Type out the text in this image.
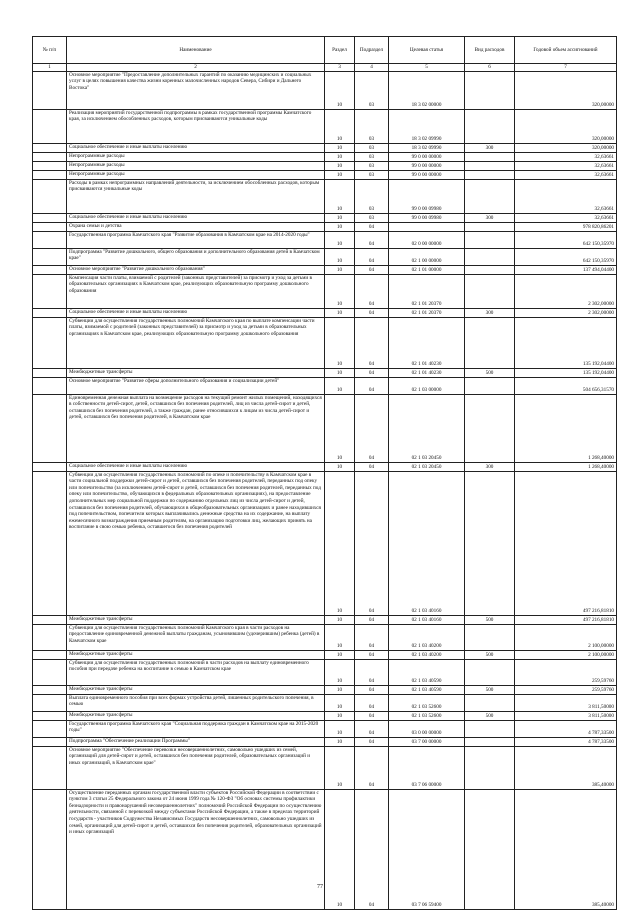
№ п/п	Наименование	Раздел	Подраздел	Целевая статья	Вид расходов	Годовой объем ассигнований
1	2	3	4	5	6	7
	Основное мероприятие "Предоставление дополнительных гарантий по оказанию медицинских и социальных услуг в целях повышения качества жизни коренных малочисленных народов Севера, Сибири и Дальнего Востока"	10	03	18 3 02 00000		320,00000
	Реализация мероприятий государственной подпрограммы в рамках государственной программы Камчатского края, за исключением обособленных расходов, которым присваиваются уникальные коды	10	03	18 3 02 09990		320,00000
	Социальное обеспечение и иные выплаты населению	10	03	18 3 02 09990	300	320,00000
	Непрограммные расходы	10	03	99 0 00 00000		32,63661
	Непрограммные расходы	10	03	99 0 00 00000		32,63661
	Непрограммные расходы	10	03	99 0 00 00000		32,63661
	Расходы в рамках непрограммных направлений деятельности, за исключением обособленных расходов, которым присваиваются уникальные коды	10	03	99 0 00 09980		32,63661
	Социальное обеспечение и иные выплаты населению	10	03	99 0 00 09980	300	32,63661
	Охрана семьи и детства	10	04			978 820,86201
	Государственная программа Камчатского края "Развитие образования в Камчатском крае на 2014-2020 годы"	10	04	02 0 00 00000		642 150,35970
	Подпрограмма "Развитие дошкольного, общего образования и дополнительного образования детей в Камчатском крае"	10	04	02 1 00 00000		642 150,35970
	Основное мероприятие "Развитие дошкольного образования"	10	04	02 1 01 00000		137 494,04400
	Компенсация части платы, взимаемой с родителей (законных представителей) за присмотр и уход за детьми в образовательных организациях в Камчатском крае, реализующих образовательную программу дошкольного образования	10	04	02 1 01 20370		2 302,00000
	Социальное обеспечение и иные выплаты населению	10	04	02 1 01 20370	300	2 302,00000
	Субвенции для осуществления государственных полномочий Камчатского края по выплате компенсации части платы, взимаемой с родителей (законных представителей) за присмотр и уход за детьми в образовательных организациях в Камчатском крае, реализующих образовательную программу дошкольного образования	10	04	02 1 01 40230		135 192,04400
	Межбюджетные трансферты	10	04	02 1 01 40230	500	135 192,04400
	Основное мероприятие "Развитие сферы дополнительного образования и социализации детей"	10	04	02 1 03 00000		504 656,31570
	Единовременная денежная выплата на возмещение расходов на текущий ремонт жилых помещений, находящихся в собственности детей-сирот, детей, оставшихся без попечения родителей, лиц из числа детей-сирот и детей, оставшихся без попечения родителей, а также граждан, ранее относившихся к лицам из числа детей-сирот и детей, оставшихся без попечения родителей, в Камчатском крае	10	04	02 1 03 20450		1 268,40000
	Социальное обеспечение и иные выплаты населению	10	04	02 1 03 20450	300	1 268,40000
	Субвенции для осуществления государственных полномочий по опеке и попечительству в Камчатском крае в части социальной поддержки детей-сирот и детей, оставшихся без попечения родителей, переданных под опеку или попечительство (за исключением детей-сирот и детей, оставшихся без попечения родителей, переданных под опеку или попечительство, обучающихся в федеральных образовательных организациях), на предоставление дополнительных мер социальной поддержки по содержанию отдельных лиц из числа детей-сирот и детей, оставшихся без попечения родителей, обучающихся в общеобразовательных организациях и ранее находившихся под попечительством, попечители которых выплачивались денежные средства на их содержание, на выплату ежемесячного вознаграждения приемным родителям, на организацию подготовки лиц, желающих принять на воспитание в свою семью ребенка, оставшегося без попечения родителей	10	04	02 1 03 40160		497 216,81810
	Межбюджетные трансферты	10	04	02 1 03 40160	500	497 216,81810
	Субвенции для осуществления государственных полномочий Камчатского края в части расходов на предоставление единовременной денежной выплаты гражданам, усыновившим (удочерившим) ребенка (детей) в Камчатском крае	10	04	02 1 03 40200		2 100,00000
	Межбюджетные трансферты	10	04	02 1 03 40200	500	2 100,00000
	Субвенции для осуществления государственных полномочий в части расходов на выплату единовременного пособия при передаче ребенка на воспитание в семью в Камчатском крае	10	04	02 1 03 40590		259,59760
	Межбюджетные трансферты	10	04	02 1 03 40590	500	259,59760
	Выплата единовременного пособия при всех формах устройства детей, лишенных родительского попечения, в семью	10	04	02 1 03 52600		3 811,50000
	Межбюджетные трансферты	10	04	02 1 03 52600	500	3 811,50000
	Государственная программа Камчатского края "Социальная поддержка граждан в Камчатском крае на 2015-2020 годы"	10	04	03 0 00 00000		4 787,33500
	Подпрограмма "Обеспечение реализации Программы"	10	04	03 7 00 00000		4 787,33500
	Основное мероприятие "Обеспечение перевозки несовершеннолетних, самовольно ушедших из семей, организаций для детей-сирот и детей, оставшихся без попечения родителей, образовательных организаций и иных организаций, в Камчатском крае"	10	04	03 7 06 00000		385,40000
	Осуществление переданных органам государственной власти субъектов Российской Федерации в соответствии с пунктом 3 статьи 25 Федерального закона от 24 июня 1999 года № 120-ФЗ "Об основах системы профилактики безнадзорности и правонарушений несовершеннолетних" полномочий Российской Федерации по осуществлению деятельности, связанной с перевозкой между субъектами Российской Федерации, а также в пределах территорий государств - участников Содружества Независимых Государств несовершеннолетних, самовольно ушедших из семей, организаций для детей-сирот и детей, оставшихся без попечения родителей, образовательных организаций и иных организаций	10	04	03 7 06 59400		385,40000
77
